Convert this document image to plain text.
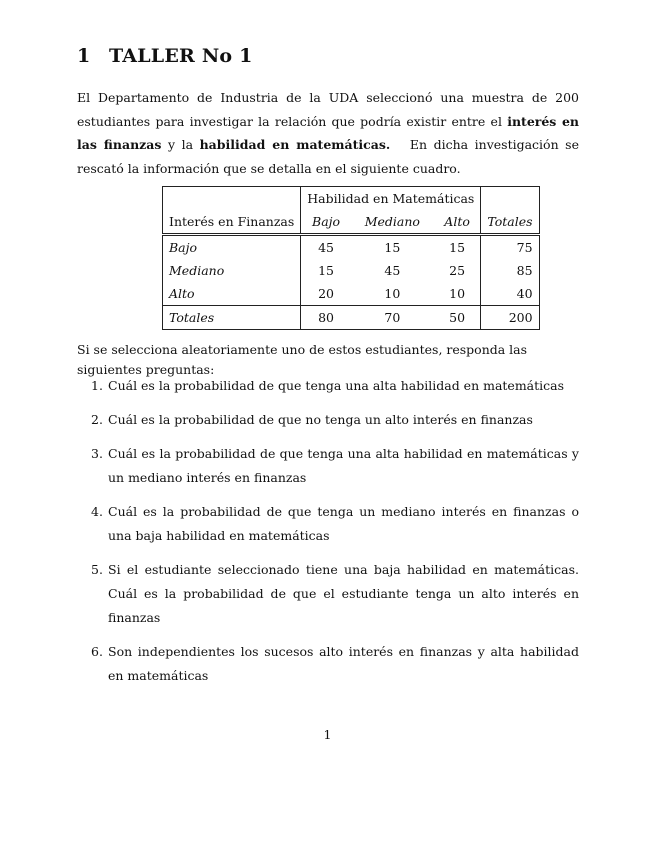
1 TALLER No 1
El Departamento de Industria de la UDA seleccionó una muestra de 200 estudiantes para investigar la relación que podría existir entre el interés en las finanzas y la habilidad en matemáticas. En dicha investigación se rescató la información que se detalla en el siguiente cuadro.
	Habilidad en Matemáticas			
Interés en Finanzas	Bajo	Mediano	Alto	Totales
Bajo	45	15	15	75
Mediano	15	45	25	85
Alto	20	10	10	40
Totales	80	70	50	200
Si se selecciona aleatoriamente uno de estos estudiantes, responda las siguientes preguntas:
1. Cuál es la probabilidad de que tenga una alta habilidad en matemáticas
2. Cuál es la probabilidad de que no tenga un alto interés en finanzas
3. Cuál es la probabilidad de que tenga una alta habilidad en matemáticas y un mediano interés en finanzas
4. Cuál es la probabilidad de que tenga un mediano interés en finanzas o una baja habilidad en matemáticas
5. Si el estudiante seleccionado tiene una baja habilidad en matemáticas. Cuál es la probabilidad de que el estudiante tenga un alto interés en finanzas
6. Son independientes los sucesos alto interés en finanzas y alta habilidad en matemáticas
1
